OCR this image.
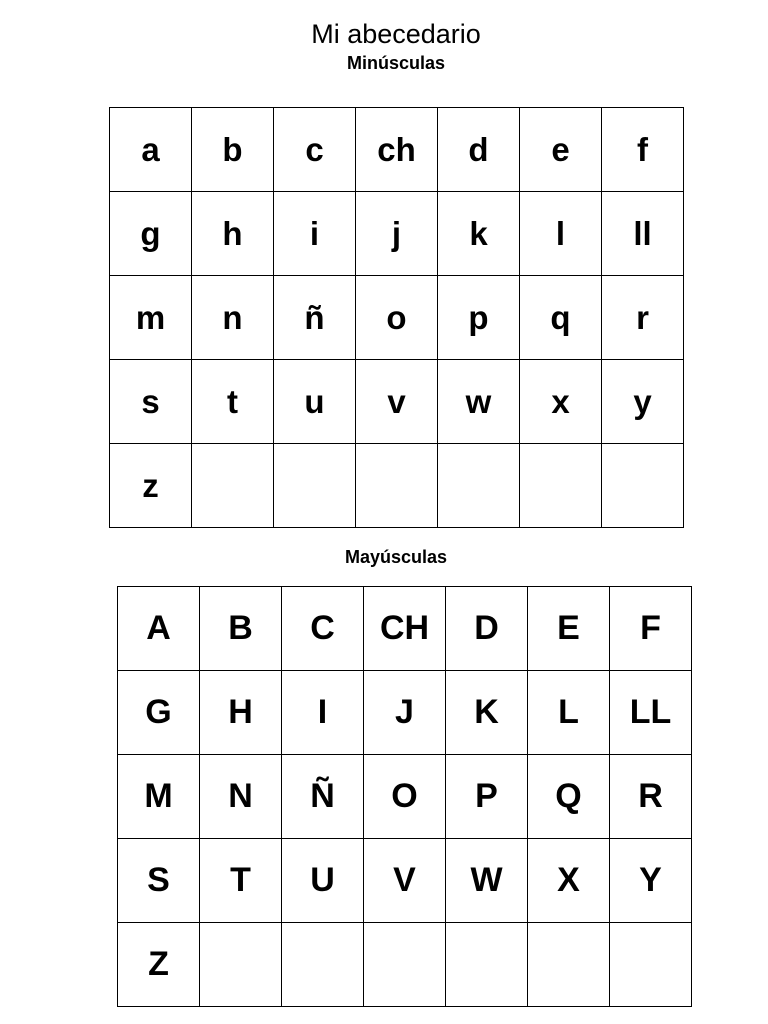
Mi abecedario
Minúsculas
a	b	c	ch	d	e	f
g	h	i	j	k	l	ll
m	n	ñ	o	p	q	r
s	t	u	v	w	x	y
z						
Mayúsculas
A	B	C	CH	D	E	F
G	H	I	J	K	L	LL
M	N	Ñ	O	P	Q	R
S	T	U	V	W	X	Y
Z						
